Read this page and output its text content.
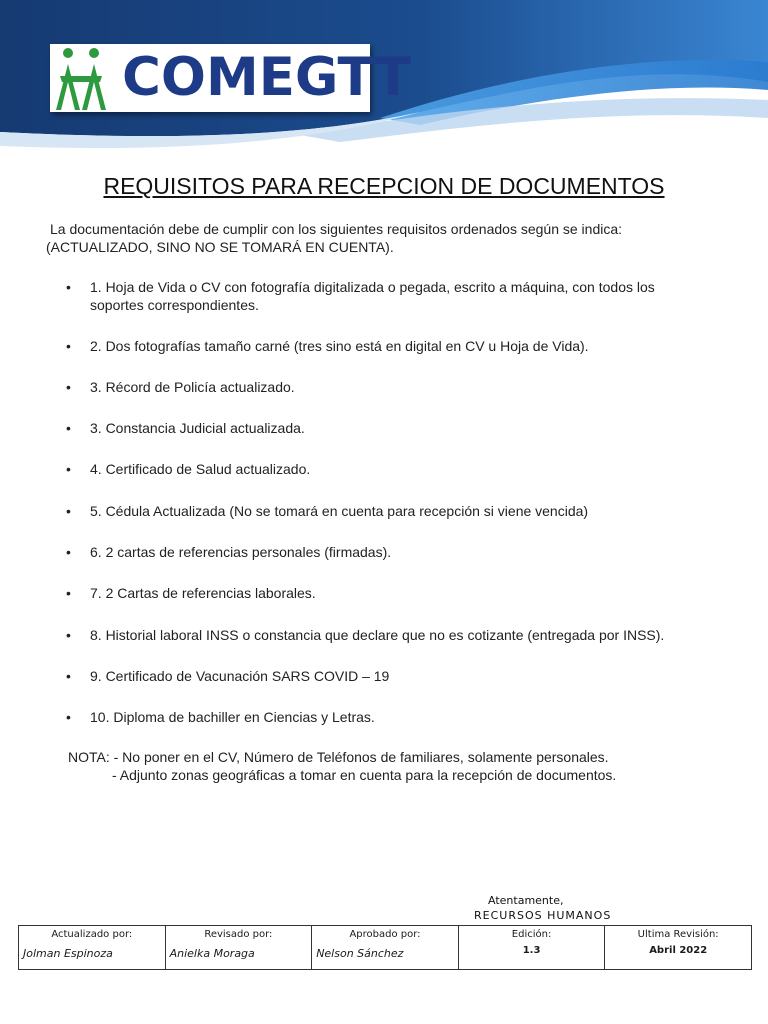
COMEGTT
REQUISITOS PARA RECEPCION DE DOCUMENTOS
La documentación debe de cumplir con los siguientes requisitos ordenados según se indica:
(ACTUALIZADO, SINO NO SE TOMARÁ EN CUENTA).
• 1. Hoja de Vida o CV con fotografía digitalizada o pegada, escrito a máquina, con todos los soportes correspondientes.
• 2. Dos fotografías tamaño carné (tres sino está en digital en CV u Hoja de Vida).
• 3. Récord de Policía actualizado.
• 3. Constancia Judicial actualizada.
• 4. Certificado de Salud actualizado.
• 5. Cédula Actualizada (No se tomará en cuenta para recepción si viene vencida)
• 6. 2 cartas de referencias personales (firmadas).
• 7. 2 Cartas de referencias laborales.
• 8. Historial laboral INSS o constancia que declare que no es cotizante (entregada por INSS).
• 9. Certificado de Vacunación SARS COVID – 19
• 10. Diploma de bachiller en Ciencias y Letras.
NOTA: - No poner en el CV, Número de Teléfonos de familiares, solamente personales.
- Adjunto zonas geográficas a tomar en cuenta para la recepción de documentos.
Atentamente,
RECURSOS HUMANOS
Actualizado por:
Jolman Espinoza

Revisado por:
Anielka Moraga

Aprobado por:
Nelson Sánchez

Edición:
1.3

Ultima Revisión:
Abril 2022
